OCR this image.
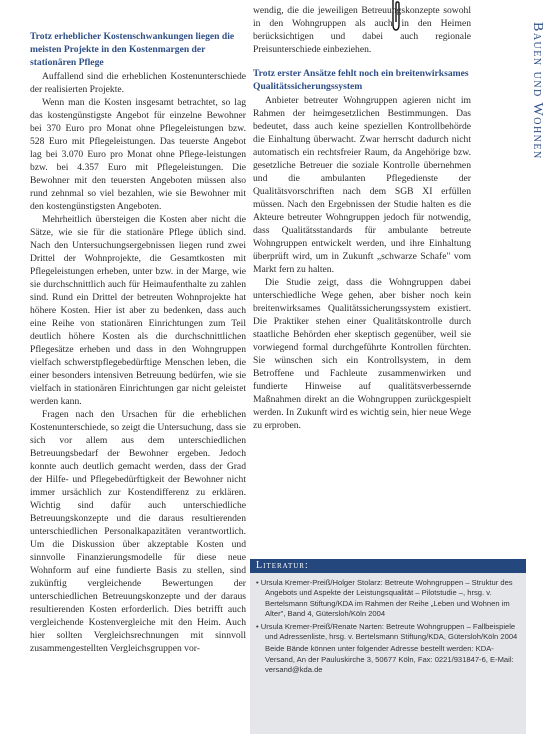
Trotz erheblicher Kostenschwankungen liegen die meisten Projekte in den Kostenmargen der stationären Pflege

Auffallend sind die erheblichen Kostenunterschiede der realisierten Projekte.

Wenn man die Kosten insgesamt betrachtet, so lag das kostengünstigste Angebot für einzelne Bewohner bei 370 Euro pro Monat ohne Pflegeleistungen bzw. 528 Euro mit Pflegeleistungen. Das teuerste Angebot lag bei 3.070 Euro pro Monat ohne Pflege-leistungen bzw. bei 4.357 Euro mit Pflegeleistungen. Die Bewohner mit den teuersten Angeboten müssen also rund zehnmal so viel bezahlen, wie sie Bewohner mit den kostengünstigsten Angeboten.

Mehrheitlich übersteigen die Kosten aber nicht die Sätze, wie sie für die stationäre Pflege üblich sind. Nach den Untersuchungsergebnissen liegen rund zwei Drittel der Wohnprojekte, die Gesamtkosten mit Pflegeleistungen erheben, unter bzw. in der Marge, wie sie durchschnittlich auch für Heimaufenthalte zu zahlen sind. Rund ein Drittel der betreuten Wohnprojekte hat höhere Kosten. Hier ist aber zu bedenken, dass auch eine Reihe von stationären Einrichtungen zum Teil deutlich höhere Kosten als die durchschnittlichen Pflegesätze erheben und dass in den Wohngruppen vielfach schwerstpflegebedürftige Menschen leben, die einer besonders intensiven Betreuung bedürfen, wie sie vielfach in stationären Einrichtungen gar nicht geleistet werden kann.

Fragen nach den Ursachen für die erheblichen Kostenunterschiede, so zeigt die Untersuchung, dass sie sich vor allem aus dem unterschiedlichen Betreuungsbedarf der Bewohner ergeben. Jedoch konnte auch deutlich gemacht werden, dass der Grad der Hilfe- und Pflegebedürftigkeit der Bewohner nicht immer ursächlich zur Kostendifferenz zu erklären. Wichtig sind dafür auch unterschiedliche Betreuungskonzepte und die daraus resultierenden unterschiedlichen Personalkapazitäten verantwortlich. Um die Diskussion über akzeptable Kosten und sinnvolle Finanzierungsmodelle für diese neue Wohnform auf eine fundierte Basis zu stellen, sind zukünftig vergleichende Bewertungen der unterschiedlichen Betreuungskonzepte und der daraus resultierenden Kosten erforderlich. Dies betrifft auch vergleichende Kostenvergleiche mit den Heim. Auch hier sollten Vergleichsrechnungen mit sinnvoll zusammengestellten Vergleichsgruppen vor-

wendig, die die jeweiligen Betreuungskonzepte sowohl in den Wohngruppen als auch in den Heimen berücksichtigen und dabei auch regionale Preisunterschiede einbeziehen.

Trotz erster Ansätze fehlt noch ein breitenwirksames Qualitätssicherungssystem

Anbieter betreuter Wohngruppen agieren nicht im Rahmen der heimgesetzlichen Bestimmungen. Das bedeutet, dass auch keine speziellen Kontrollbehörde die Einhaltung überwacht. Zwar herrscht dadurch nicht automatisch ein rechtsfreier Raum, da Angehörige bzw. gesetzliche Betreuer die soziale Kontrolle übernehmen und die ambulanten Pflegedienste der Qualitätsvorschriften nach dem SGB XI erfüllen müssen. Nach den Ergebnissen der Studie halten es die Akteure betreuter Wohngruppen jedoch für notwendig, dass Qualitätsstandards für ambulante betreute Wohngruppen entwickelt werden, und ihre Einhaltung überprüft wird, um in Zukunft „schwarze Schafe" vom Markt fern zu halten.

Die Studie zeigt, dass die Wohngruppen dabei unterschiedliche Wege gehen, aber bisher noch kein breitenwirksames Qualitätssicherungssystem existiert. Die Praktiker stehen einer Qualitätskontrolle durch staatliche Behörden eher skeptisch gegenüber, weil sie vorwiegend formal durchgeführte Kontrollen fürchten. Sie wünschen sich ein Kontrollsystem, in dem Betroffene und Fachleute zusammenwirken und fundierte Hinweise auf qualitätsverbessernde Maßnahmen direkt an die Wohngruppen zurückgespielt werden. In Zukunft wird es wichtig sein, hier neue Wege zu erproben.

Bauen und Wohnen
Literatur:

• Ursula Kremer-Preiß/Holger Stolarz: Betreute Wohngruppen – Struktur des Angebots und Aspekte der Leistungsqualität – Pilotstudie –, hrsg. v. Bertelsmann Stiftung/KDA im Rahmen der Reihe „Leben und Wohnen im Alter", Band 4, Gütersloh/Köln 2004

• Ursula Kremer-Preiß/Renate Narten: Betreute Wohngruppen – Fallbeispiele und Adressenliste, hrsg. v. Bertelsmann Stiftung/KDA, Gütersloh/Köln 2004

Beide Bände können unter folgender Adresse bestellt werden: KDA-Versand, An der Pauluskirche 3, 50677 Köln, Fax: 0221/931847-6, E-Mail: versand@kda.de
